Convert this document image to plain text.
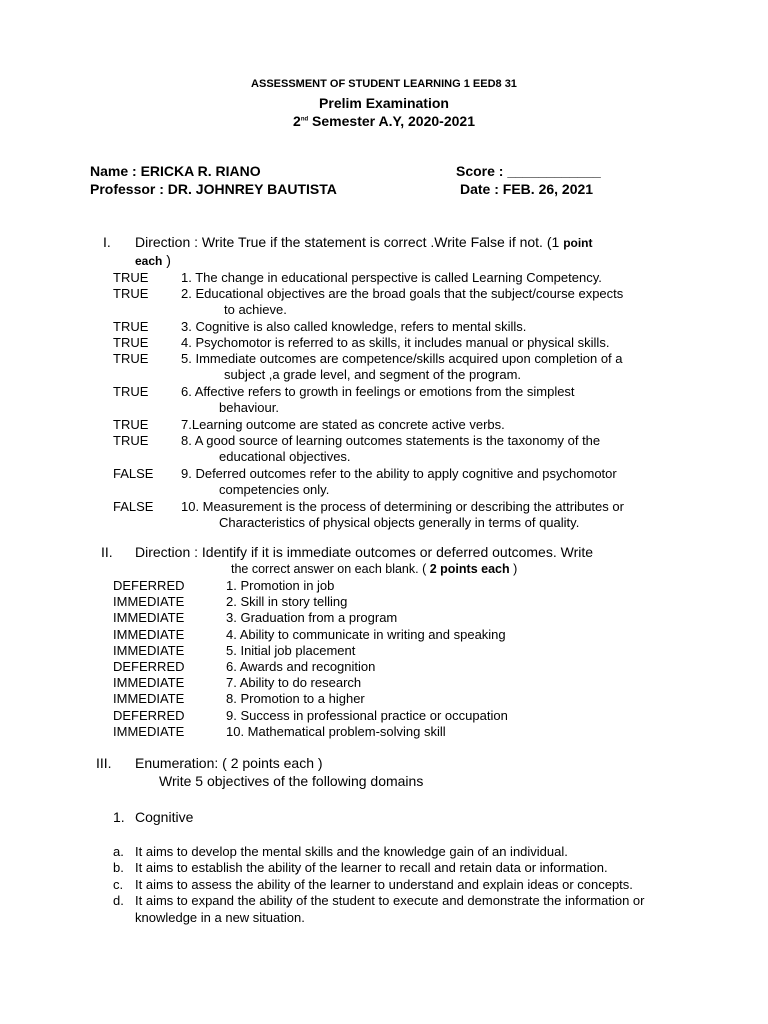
ASSESSMENT OF STUDENT LEARNING 1 EED8 31
Prelim Examination
2nd Semester A.Y, 2020-2021
Name : ERICKA R. RIANO	Score : ____________
Professor : DR. JOHNREY BAUTISTA	Date : FEB. 26, 2021
I. Direction : Write True if the statement is correct .Write False if not. (1 point
each )
TRUE	1. The change in educational perspective is called Learning Competency.
TRUE	2. Educational objectives are the broad goals that the subject/course expects
to achieve.
TRUE	3. Cognitive is also called knowledge, refers to mental skills.
TRUE	4. Psychomotor is referred to as skills, it includes manual or physical skills.
TRUE	5. Immediate outcomes are competence/skills acquired upon completion of a
subject ,a grade level, and segment of the program.
TRUE	6. Affective refers to growth in feelings or emotions from the simplest
behaviour.
TRUE	7.Learning outcome are stated as concrete active verbs.
TRUE	8. A good source of learning outcomes statements is the taxonomy of the
educational objectives.
FALSE 9. Deferred outcomes refer to the ability to apply cognitive and psychomotor
competencies only.
FALSE 10. Measurement is the process of determining or describing the attributes or
Characteristics of physical objects generally in terms of quality.
II. Direction : Identify if it is immediate outcomes or deferred outcomes. Write
the correct answer on each blank. ( 2 points each )
DEFERRED	1. Promotion in job
IMMEDIATE	2. Skill in story telling
IMMEDIATE	3. Graduation from a program
IMMEDIATE	4. Ability to communicate in writing and speaking
IMMEDIATE	5. Initial job placement
DEFERRED	6. Awards and recognition
IMMEDIATE	7. Ability to do research
IMMEDIATE	8. Promotion to a higher
DEFERRED	9. Success in professional practice or occupation
IMMEDIATE	10. Mathematical problem-solving skill
III. Enumeration: ( 2 points each )
Write 5 objectives of the following domains
1. Cognitive
a. It aims to develop the mental skills and the knowledge gain of an individual.
b. It aims to establish the ability of the learner to recall and retain data or information.
c. It aims to assess the ability of the learner to understand and explain ideas or concepts.
d. It aims to expand the ability of the student to execute and demonstrate the information or
knowledge in a new situation.
